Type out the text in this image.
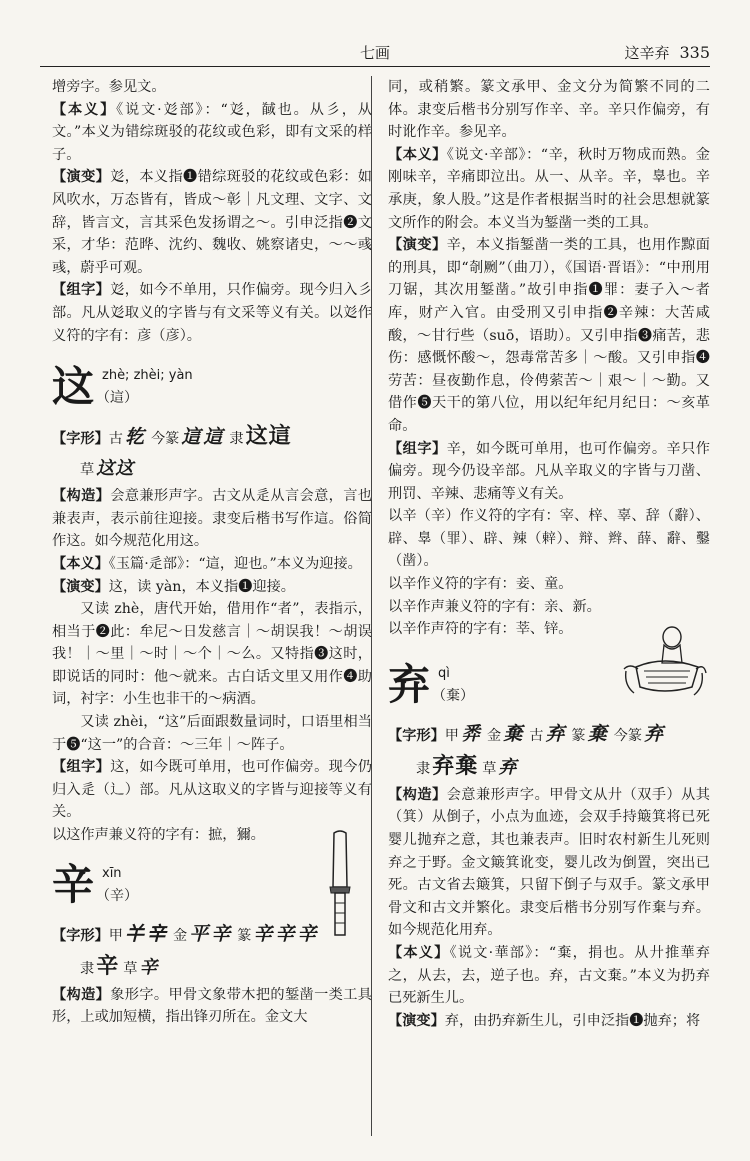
七画	这辛弃 335

增旁字。参见文。

【本义】《说文·彣部》：“彣，馘也。从彡，从文。”本义为错综斑驳的花纹或色彩，即有文采的样子。

【演变】彣，本义指❶错综斑驳的花纹或色彩：如风吹水，万态皆有，皆成～彰｜凡文理、文字、文辞，皆言文，言其采色发扬谓之～。引申泛指❷文采，才华：范晔、沈约、魏收、姚察诸史，～～彧彧，蔚乎可观。

【组字】彣，如今不单用，只作偏旁。现今归入彡部。凡从彣取义的字皆与有文采等义有关。以彣作义符的字有：彦（彦）。

这 zhè; zhèi; yàn
（這）
【字形】古 䢀 今篆 這這 隶这這
草 这这

【构造】会意兼形声字。古文从辵从言会意，言也兼表声，表示前往迎接。隶变后楷书写作這。俗简作这。如今规范化用这。

【本义】《玉篇·辵部》：“這，迎也。”本义为迎接。

【演变】这，读 yàn，本义指❶迎接。

又读 zhè，唐代开始，借用作“者”，表指示，相当于❷此：牟尼～日发慈言｜～胡误我！～胡误我！｜～里｜～时｜～个｜～么。又特指❸这时，即说话的同时：他～就来。古白话文里又用作❹助词，衬字：小生也非干的～病酒。

又读 zhèi，“这”后面跟数量词时，口语里相当于❺“这一”的合音：～三年｜～阵子。

【组字】这，如今既可单用，也可作偏旁。现今仍归入辵（辶）部。凡从这取义的字皆与迎接等义有关。

以这作声兼义符的字有：摭，獮。

辛 xīn
（辛）
【字形】甲 𢆉辛 金 平辛 篆 辛辛辛
隶辛 草 辛

【构造】象形字。甲骨文象带木把的錾凿一类工具形，上或加短横，指出锋刃所在。金文大

同，或稍繁。篆文承甲、金文分为简繁不同的二体。隶变后楷书分别写作辛、辛。辛只作偏旁，有时讹作辛。参见辛。

【本义】《说文·辛部》：“辛，秋时万物成而熟。金刚味辛，辛痛即泣出。从一、从辛。辛，辠也。辛承庚，象人股。”这是作者根据当时的社会思想就篆文所作的附会。本义当为錾凿一类的工具。

【演变】辛，本义指錾凿一类的工具，也用作黥面的刑具，即“剞劂”（曲刀），《国语·晋语》：“中刑用刀锯，其次用錾凿。”故引申指❶罪：妻子入～者库，财产入官。由受刑又引申指❷辛辣：大苦咸酸，～甘行些（suō，语助）。又引申指❸痛苦，悲伤：感慨怀酸～，怨毒常苦多｜～酸。又引申指❹劳苦：昼夜勤作息，伶俜萦苦～｜艰～｜～勤。又借作❺天干的第八位，用以纪年纪月纪日：～亥革命。

【组字】辛，如今既可单用，也可作偏旁。辛只作偏旁。现今仍设辛部。凡从辛取义的字皆与刀凿、刑罚、辛辣、悲痛等义有关。

以辛（辛）作义符的字有：宰、梓、辜、辞（辭）、辟、辠（罪）、辟、辣（辢）、辩、辫、薛、辭、鑿（凿）。

以辛作义符的字有：妾、童。

以辛作声兼义符的字有：亲、新。

以辛作声符的字有：莘、锌。

弃 qì
（棄）
【字形】甲 𢍏 金 棄 古 弃 篆 棄 今篆 弃
隶弃棄 草 弃

【构造】会意兼形声字。甲骨文从廾（双手）从其（箕）从倒子，小点为血迹，会双手持簸箕将已死婴儿抛弃之意，其也兼表声。旧时农村新生儿死则弃之于野。金文簸箕讹变，婴儿改为倒置，突出已死。古文省去簸箕，只留下倒子与双手。篆文承甲骨文和古文并繁化。隶变后楷书分别写作棄与弃。如今规范化用弃。

【本义】《说文·華部》：“棄，捐也。从廾推華弃之，从去，去，逆子也。弃，古文棄。”本义为扔弃已死新生儿。

【演变】弃，由扔弃新生儿，引申泛指❶抛弃；将
